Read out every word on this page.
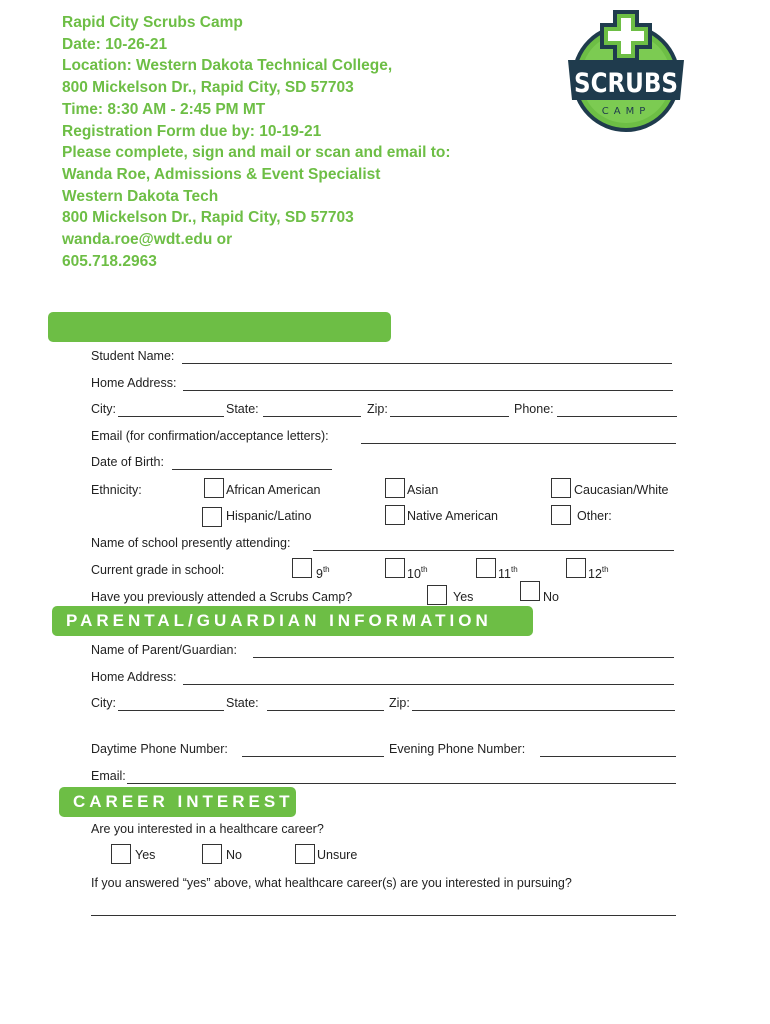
Rapid City Scrubs Camp
Date: 10-26-21
Location: Western Dakota Technical College,
800 Mickelson Dr., Rapid City, SD 57703
Time: 8:30 AM - 2:45 PM MT
Registration Form due by: 10-19-21
Please complete, sign and mail or scan and email to:
Wanda Roe, Admissions & Event Specialist
Western Dakota Tech
800 Mickelson Dr., Rapid City, SD 57703
wanda.roe@wdt.edu or
605.718.2963
SCRUBS
CAMP
Student Name:
Home Address:
City:	State:	Zip:	Phone:
Email (for confirmation/acceptance letters):
Date of Birth:
Ethnicity:	African American	Asian	Caucasian/White
Hispanic/Latino	Native American	Other:
Name of school presently attending:
Current grade in school:	9th	10th	11th	12th
Have you previously attended a Scrubs Camp?	Yes	No
PARENTAL/GUARDIAN INFORMATION
Name of Parent/Guardian:
Home Address:
City:	State:	Zip:
Daytime Phone Number:	Evening Phone Number:
Email:
CAREER INTEREST
Are you interested in a healthcare career?
Yes	No	Unsure
If you answered “yes” above, what healthcare career(s) are you interested in pursuing?
